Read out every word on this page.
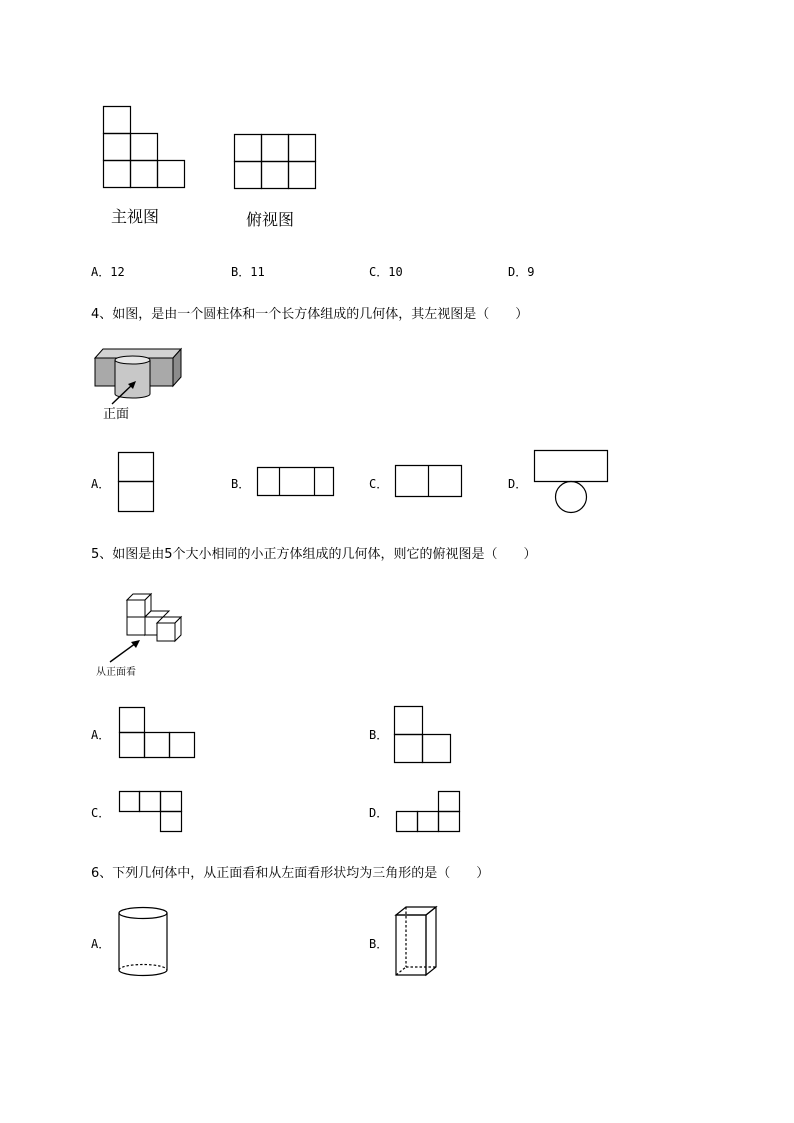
主视图	俯视图
A．12	B．11	C．10	D．9
4、如图，是由一个圆柱体和一个长方体组成的几何体，其左视图是（　　）
正面
A．	B．	C．	D．
5、如图是由5个大小相同的小正方体组成的几何体，则它的俯视图是（　　）
从正面看
A．	B．
C．	D．
6、下列几何体中，从正面看和从左面看形状均为三角形的是（　　）
A．	B．
